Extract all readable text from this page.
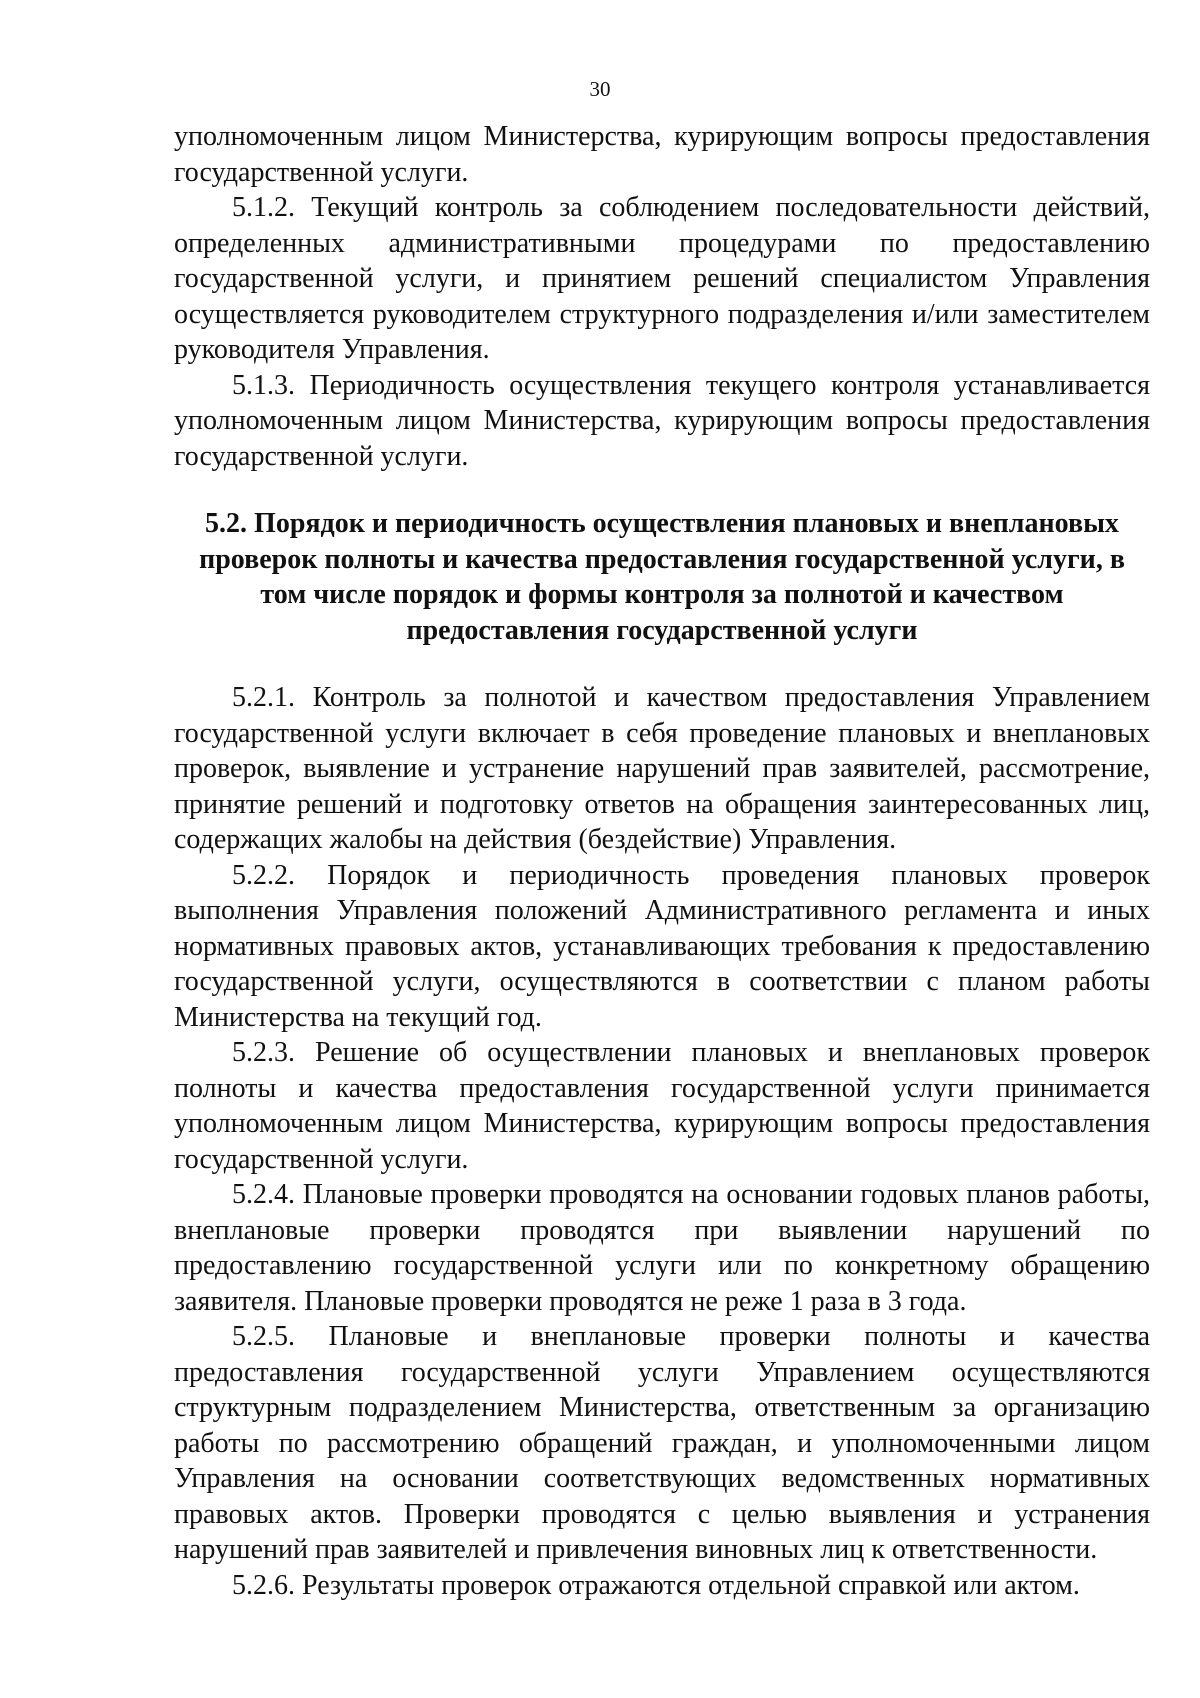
30

уполномоченным лицом Министерства, курирующим вопросы предоставления государственной услуги.

5.1.2. Текущий контроль за соблюдением последовательности действий, определенных административными процедурами по предоставлению государственной услуги, и принятием решений специалистом Управления осуществляется руководителем структурного подразделения и/или заместителем руководителя Управления.

5.1.3. Периодичность осуществления текущего контроля устанавливается уполномоченным лицом Министерства, курирующим вопросы предоставления государственной услуги.

5.2. Порядок и периодичность осуществления плановых и внеплановых проверок полноты и качества предоставления государственной услуги, в том числе порядок и формы контроля за полнотой и качеством предоставления государственной услуги

5.2.1. Контроль за полнотой и качеством предоставления Управлением государственной услуги включает в себя проведение плановых и внеплановых проверок, выявление и устранение нарушений прав заявителей, рассмотрение, принятие решений и подготовку ответов на обращения заинтересованных лиц, содержащих жалобы на действия (бездействие) Управления.

5.2.2. Порядок и периодичность проведения плановых проверок выполнения Управления положений Административного регламента и иных нормативных правовых актов, устанавливающих требования к предоставлению государственной услуги, осуществляются в соответствии с планом работы Министерства на текущий год.

5.2.3. Решение об осуществлении плановых и внеплановых проверок полноты и качества предоставления государственной услуги принимается уполномоченным лицом Министерства, курирующим вопросы предоставления государственной услуги.

5.2.4. Плановые проверки проводятся на основании годовых планов работы, внеплановые проверки проводятся при выявлении нарушений по предоставлению государственной услуги или по конкретному обращению заявителя. Плановые проверки проводятся не реже 1 раза в 3 года.

5.2.5. Плановые и внеплановые проверки полноты и качества предоставления государственной услуги Управлением осуществляются структурным подразделением Министерства, ответственным за организацию работы по рассмотрению обращений граждан, и уполномоченными лицом Управления на основании соответствующих ведомственных нормативных правовых актов. Проверки проводятся с целью выявления и устранения нарушений прав заявителей и привлечения виновных лиц к ответственности.

5.2.6. Результаты проверок отражаются отдельной справкой или актом.
